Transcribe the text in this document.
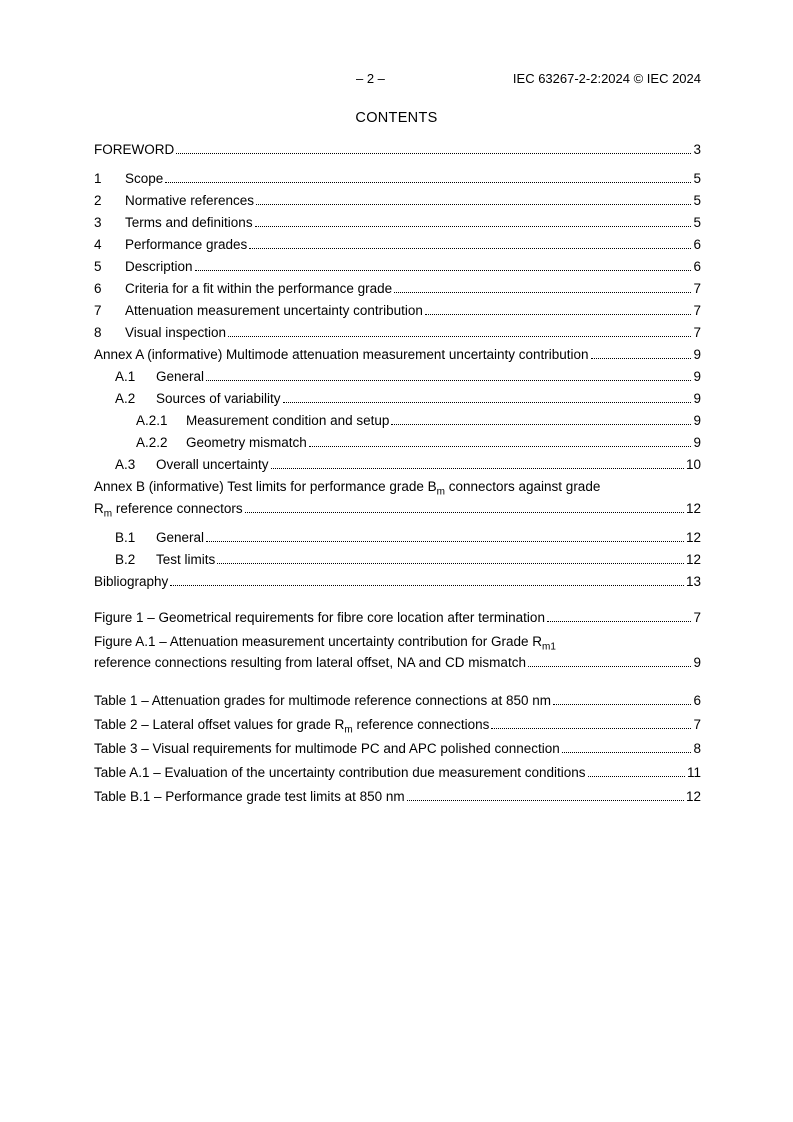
– 2 –	IEC 63267-2-2:2024 © IEC 2024
CONTENTS
FOREWORD	3
1	Scope	5
2	Normative references	5
3	Terms and definitions	5
4	Performance grades	6
5	Description	6
6	Criteria for a fit within the performance grade	7
7	Attenuation measurement uncertainty contribution	7
8	Visual inspection	7
Annex A (informative) Multimode attenuation measurement uncertainty contribution	9
A.1	General	9
A.2	Sources of variability	9
A.2.1	Measurement condition and setup	9
A.2.2	Geometry mismatch	9
A.3	Overall uncertainty	10
Annex B (informative) Test limits for performance grade $B_m$ connectors against grade
$R_m$ reference connectors	12
B.1	General	12
B.2	Test limits	12
Bibliography	13
Figure 1 – Geometrical requirements for fibre core location after termination	7
Figure A.1 – Attenuation measurement uncertainty contribution for Grade $R_{m1}$
reference connections resulting from lateral offset, NA and CD mismatch	9
Table 1 – Attenuation grades for multimode reference connections at 850 nm	6
Table 2 – Lateral offset values for grade $R_m$ reference connections	7
Table 3 – Visual requirements for multimode PC and APC polished connection	8
Table A.1 – Evaluation of the uncertainty contribution due measurement conditions	11
Table B.1 – Performance grade test limits at 850 nm	12
